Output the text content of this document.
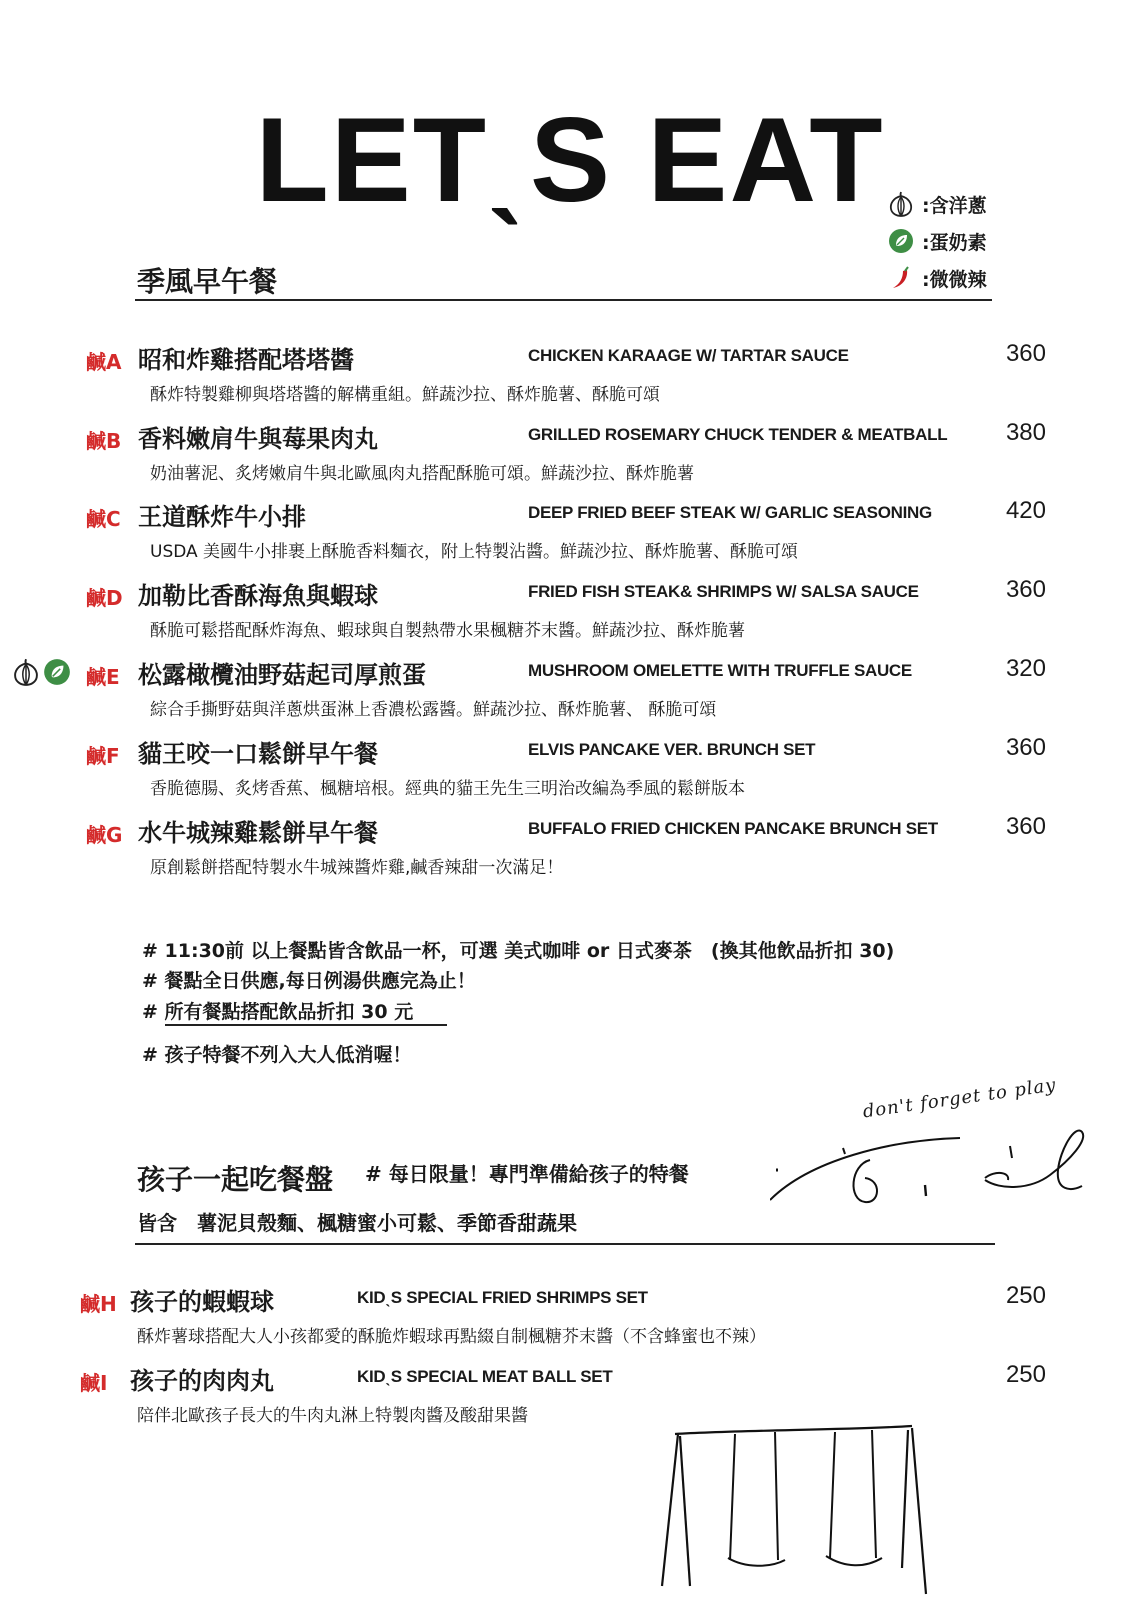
LETˎS EAT	:含洋蔥
:蛋奶素
:微微辣
季風早午餐
鹹A 昭和炸雞搭配塔塔醬	CHICKEN KARAAGE W/ TARTAR SAUCE	360
酥炸特製雞柳與塔塔醬的解構重組。鮮蔬沙拉、酥炸脆薯、酥脆可頌
鹹B 香料嫩肩牛與莓果肉丸	GRILLED ROSEMARY CHUCK TENDER & MEATBALL	380
奶油薯泥、炙烤嫩肩牛與北歐風肉丸搭配酥脆可頌。鮮蔬沙拉、酥炸脆薯
鹹C 王道酥炸牛小排	DEEP FRIED BEEF STEAK W/ GARLIC SEASONING	420
USDA 美國牛小排裹上酥脆香料麵衣，附上特製沾醬。鮮蔬沙拉、酥炸脆薯、酥脆可頌
鹹D 加勒比香酥海魚與蝦球	FRIED FISH STEAK& SHRIMPS W/ SALSA SAUCE	360
酥脆可鬆搭配酥炸海魚、蝦球與自製熱帶水果楓糖芥末醬。鮮蔬沙拉、酥炸脆薯
鹹E 松露橄欖油野菇起司厚煎蛋	MUSHROOM OMELETTE WITH TRUFFLE SAUCE	320
綜合手撕野菇與洋蔥烘蛋淋上香濃松露醬。鮮蔬沙拉、酥炸脆薯、 酥脆可頌
鹹F 貓王咬一口鬆餅早午餐	ELVIS PANCAKE VER. BRUNCH SET	360
香脆德腸、炙烤香蕉、楓糖培根。經典的貓王先生三明治改編為季風的鬆餅版本
鹹G 水牛城辣雞鬆餅早午餐	BUFFALO FRIED CHICKEN PANCAKE BRUNCH SET	360
原創鬆餅搭配特製水牛城辣醬炸雞,鹹香辣甜一次滿足！
# 11:30前 以上餐點皆含飲品一杯，可選 美式咖啡 or 日式麥茶　(換其他飲品折扣 30)
# 餐點全日供應,每日例湯供應完為止！
# 所有餐點搭配飲品折扣 30 元
# 孩子特餐不列入大人低消喔！
don't forget to play
孩子一起吃餐盤 # 每日限量！專門準備給孩子的特餐
皆含　薯泥貝殼麵、楓糖蜜小可鬆、季節香甜蔬果
鹹H 孩子的蝦蝦球	KIDˎS SPECIAL FRIED SHRIMPS SET	250
酥炸薯球搭配大人小孩都愛的酥脆炸蝦球再點綴自制楓糖芥末醬（不含蜂蜜也不辣）
鹹I 孩子的肉肉丸	KIDˎS SPECIAL MEAT BALL SET	250
陪伴北歐孩子長大的牛肉丸淋上特製肉醬及酸甜果醬
